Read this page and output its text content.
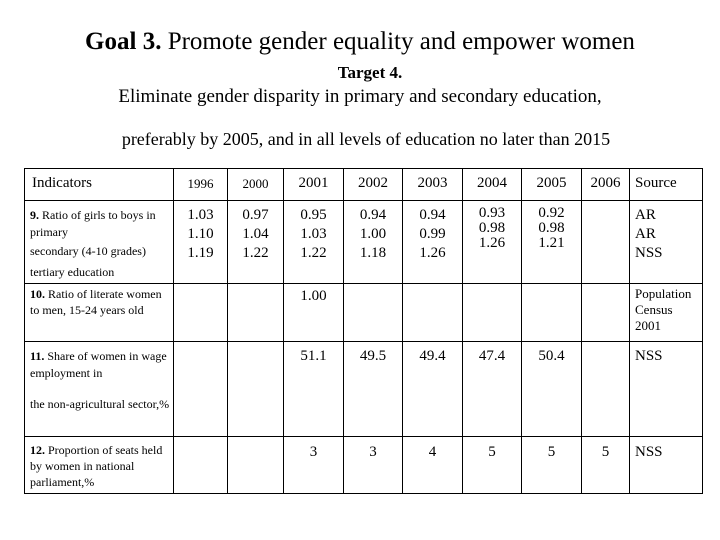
Goal 3. Promote gender equality and empower women
Target 4.
Eliminate gender disparity in primary and secondary education,
preferably by 2005, and in all levels of education no later than 2015
Indicators	1996	2000	2001	2002	2003	2004	2005	2006	Source
9. Ratio of girls to boys in primary
secondary (4-10 grades)
tertiary education	1.03
1.10
1.19	0.97
1.04
1.22	0.95
1.03
1.22	0.94
1.00
1.18	0.94
0.99
1.26	0.93
0.98
1.26	0.92
0.98
1.21		AR
AR
NSS
10. Ratio of literate women to men, 15-24 years old			1.00						Population
Census
2001
11. Share of women in wage employment in
the non-agricultural sector,%			51.1	49.5	49.4	47.4	50.4		NSS
12. Proportion of seats held by women in national parliament,%			3	3	4	5	5	5	NSS
